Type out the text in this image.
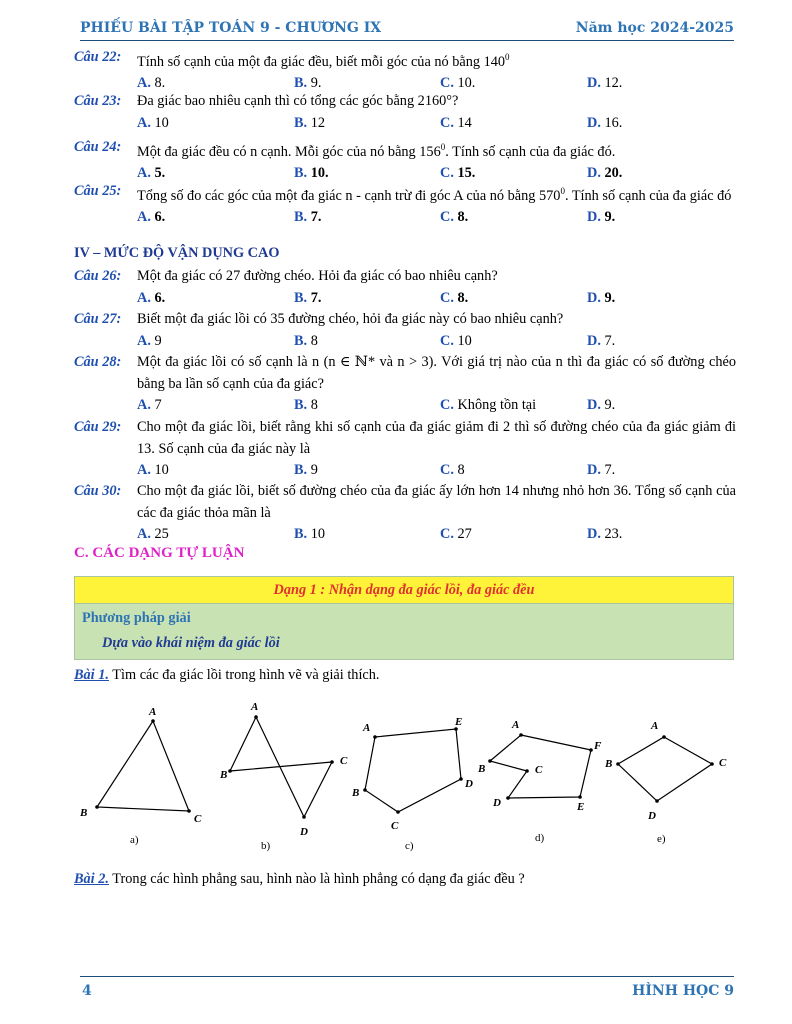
PHIẾU BÀI TẬP TOÁN 9 - CHƯƠNG IX	Năm học 2024-2025
Câu 22: Tính số cạnh của một đa giác đều, biết mỗi góc của nó bằng $140^0$
A. 8.	B. 9.	C. 10.	D. 12.
Câu 23: Đa giác bao nhiêu cạnh thì có tổng các góc bằng 2160°?
A. 10	B. 12	C. 14	D. 16.
Câu 24: Một đa giác đều có n cạnh. Mỗi góc của nó bằng $156^0$. Tính số cạnh của đa giác đó.
A. 5.	B. 10.	C. 15.	D. 20.
Câu 25: Tổng số đo các góc của một đa giác n - cạnh trừ đi góc A của nó bằng $570^0$. Tính số cạnh của đa giác đó
A. 6.	B. 7.	C. 8.	D. 9.
IV – MỨC ĐỘ VẬN DỤNG CAO
Câu 26: Một đa giác có 27 đường chéo. Hỏi đa giác có bao nhiêu cạnh?
A. 6.	B. 7.	C. 8.	D. 9.
Câu 27: Biết một đa giác lồi có 35 đường chéo, hỏi đa giác này có bao nhiêu cạnh?
A. 9	B. 8	C. 10	D. 7.
Câu 28: Một đa giác lồi có số cạnh là n (n ∈ ℕ* và n > 3). Với giá trị nào của n thì đa giác có số đường chéo bằng ba lần số cạnh của đa giác?
A. 7	B. 8	C. Không tồn tại	D. 9.
Câu 29: Cho một đa giác lồi, biết rằng khi số cạnh của đa giác giảm đi 2 thì số đường chéo của đa giác giảm đi 13. Số cạnh của đa giác này là
A. 10	B. 9	C. 8	D. 7.
Câu 30: Cho một đa giác lồi, biết số đường chéo của đa giác ấy lớn hơn 14 nhưng nhỏ hơn 36. Tổng số cạnh của các đa giác thỏa mãn là
A. 25	B. 10	C. 27	D. 23.
C. CÁC DẠNG TỰ LUẬN
Dạng 1 : Nhận dạng đa giác lồi, đa giác đều
Phương pháp giải
Dựa vào khái niệm đa giác lồi
Bài 1. Tìm các đa giác lồi trong hình vẽ và giải thích.
A
B	C
A
B
C
D
A	E
D
B
C
A
F
B	C
D	E
A
B	C
D
a)	b)	c)
d)	e)
Bài 2. Trong các hình phẳng sau, hình nào là hình phẳng có dạng đa giác đều ?
4	HÌNH HỌC 9
